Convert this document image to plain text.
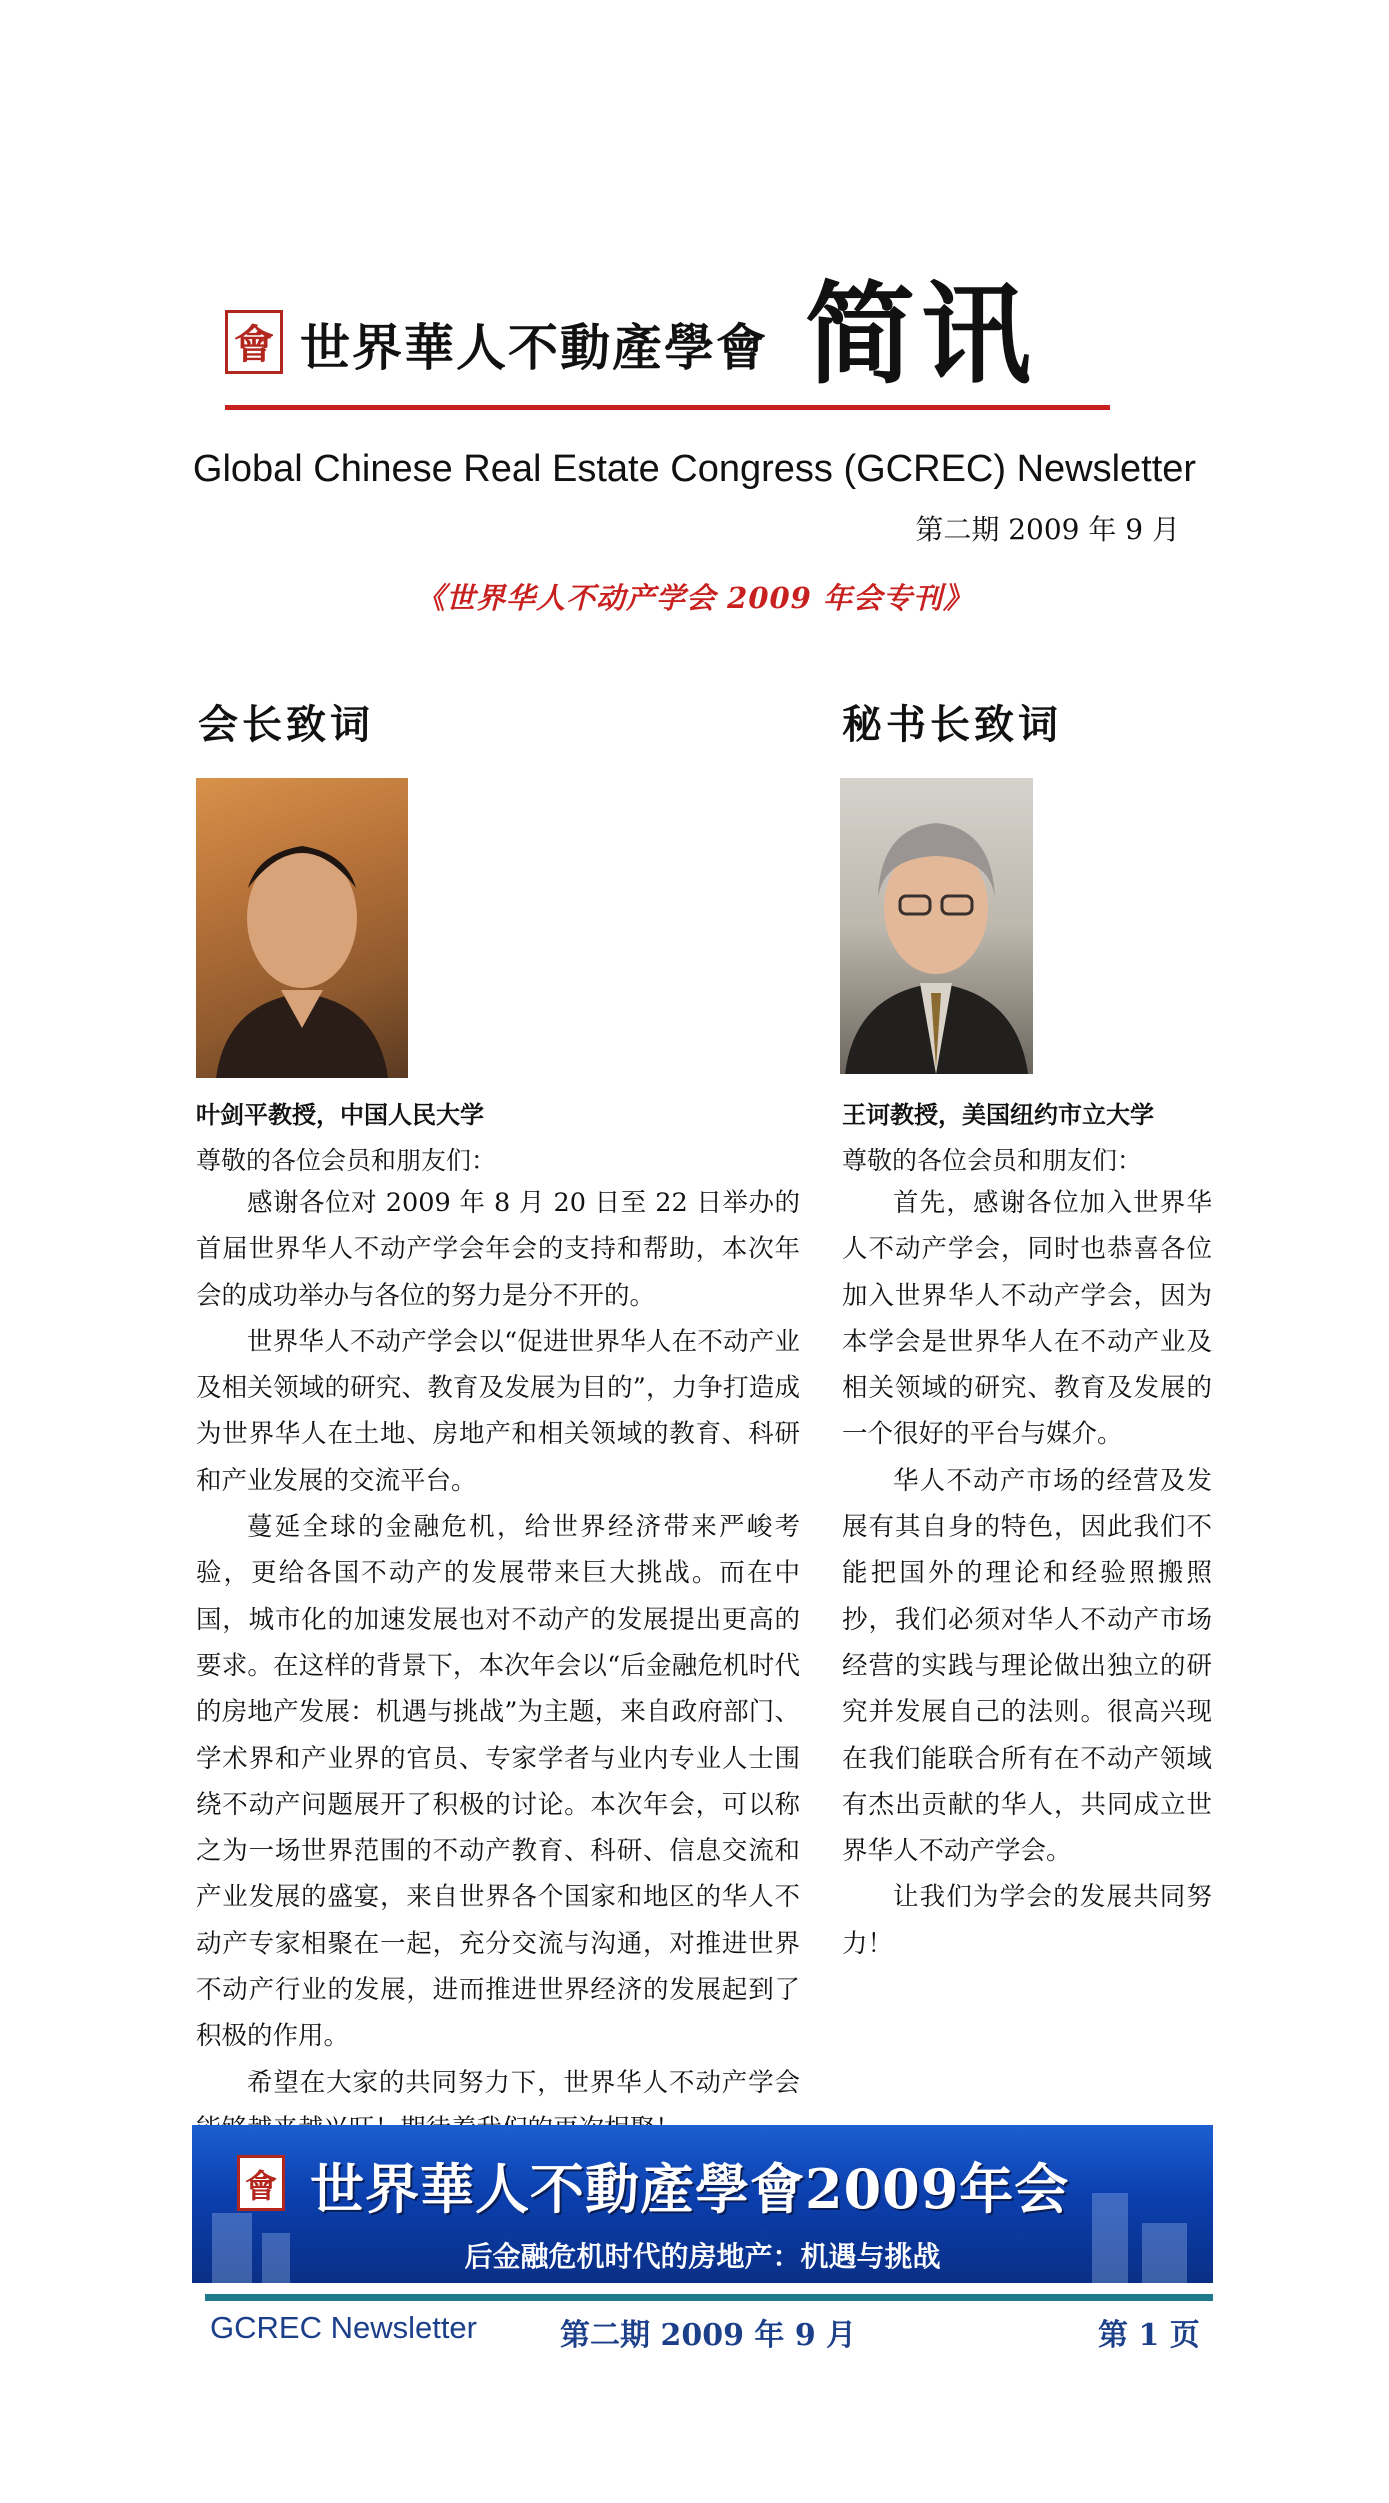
會 世界華人不動產學會 简讯
Global Chinese Real Estate Congress (GCREC) Newsletter
第二期 2009 年 9 月
《世界华人不动产学会 2009 年会专刊》
会长致词	秘书长致词
叶剑平教授，中国人民大学	王诃教授，美国纽约市立大学
尊敬的各位会员和朋友们：	尊敬的各位会员和朋友们：

感谢各位对 2009 年 8 月 20 日至 22 日举办的首届世界华人不动产学会年会的支持和帮助，本次年会的成功举办与各位的努力是分不开的。

世界华人不动产学会以“促进世界华人在不动产业及相关领域的研究、教育及发展为目的”，力争打造成为世界华人在土地、房地产和相关领域的教育、科研和产业发展的交流平台。

蔓延全球的金融危机，给世界经济带来严峻考验，更给各国不动产的发展带来巨大挑战。而在中国，城市化的加速发展也对不动产的发展提出更高的要求。在这样的背景下，本次年会以“后金融危机时代的房地产发展：机遇与挑战”为主题，来自政府部门、学术界和产业界的官员、专家学者与业内专业人士围绕不动产问题展开了积极的讨论。本次年会，可以称之为一场世界范围的不动产教育、科研、信息交流和产业发展的盛宴，来自世界各个国家和地区的华人不动产专家相聚在一起，充分交流与沟通，对推进世界不动产行业的发展，进而推进世界经济的发展起到了积极的作用。

希望在大家的共同努力下，世界华人不动产学会

首先，感谢各位加入世界华人不动产学会，同时也恭喜各位加入世界华人不动产学会，因为本学会是世界华人在不动产业及相关领域的研究、教育及发展的一个很好的平台与媒介。

华人不动产市场的经营及发展有其自身的特色，因此我们不能把国外的理论和经验照搬照抄，我们必须对华人不动产市场经营的实践与理论做出独立的研究并发展自己的法则。很高兴现在我们能联合所有在不动产领域有杰出贡献的华人，共同成立世界华人不动产学会。

让我们为学会的发展共同努力！

會 世界華人不動產學會2009年会
后金融危机时代的房地产：机遇与挑战
GCREC Newsletter	第二期 2009 年 9 月	第 1 页
